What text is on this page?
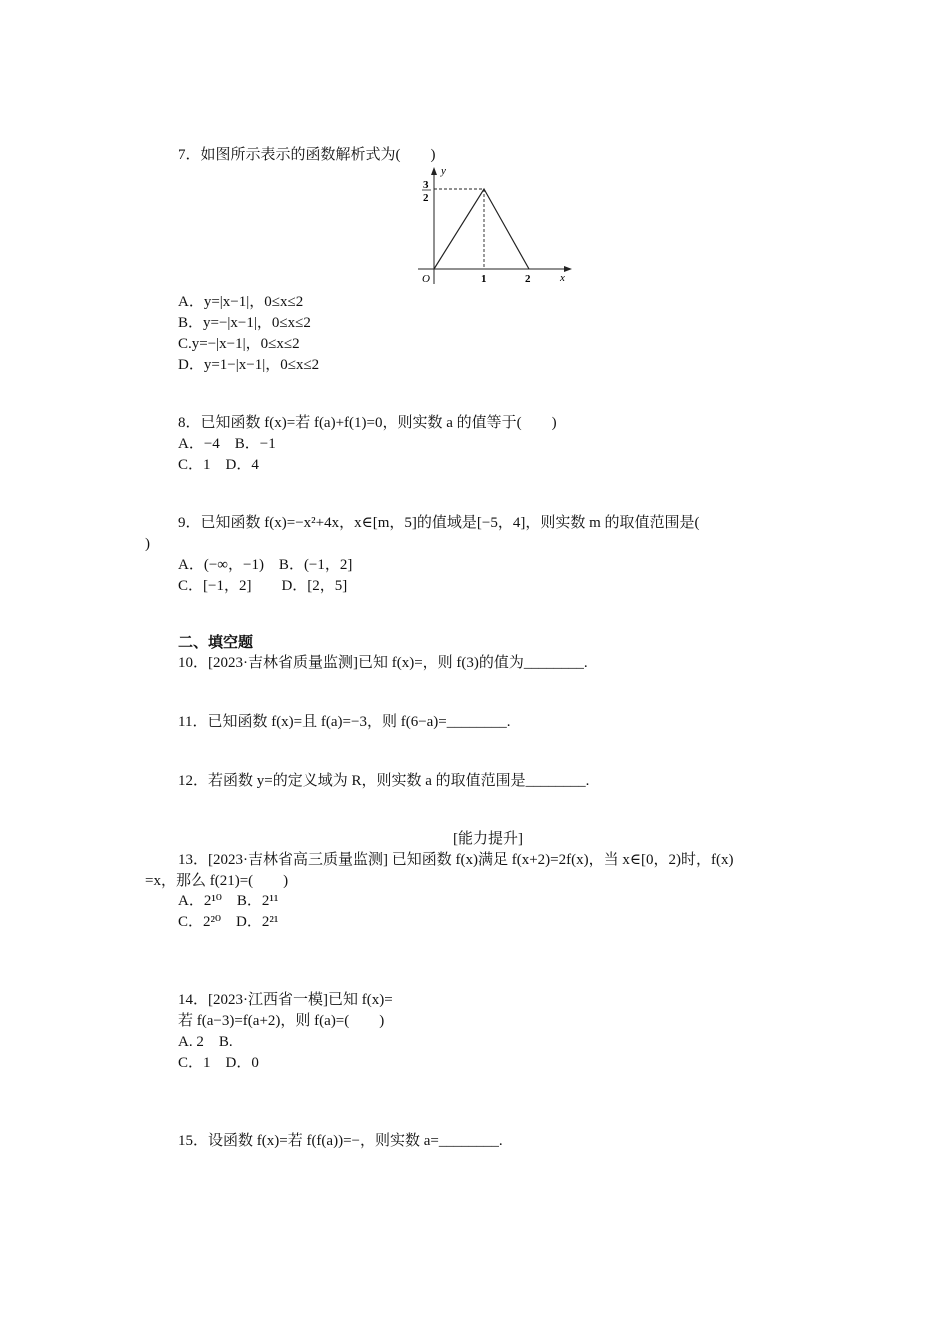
7．如图所示表示的函数解析式为(　　)
y
x
O
3
2
1	2
A．y=|x−1|，0≤x≤2
B．y=−|x−1|，0≤x≤2
C.y=−|x−1|，0≤x≤2
D．y=1−|x−1|，0≤x≤2
8．已知函数 f(x)=若 f(a)+f(1)=0，则实数 a 的值等于(　　)
A．−4　B．−1
C．1　D．4
9．已知函数 f(x)=−x²+4x，x∈[m，5]的值域是[−5，4]，则实数 m 的取值范围是(
)
A．(−∞，−1)　B．(−1，2]
C．[−1，2]　　D．[2，5]
二、填空题
10．[2023·吉林省质量监测]已知 f(x)=，则 f(3)的值为________.
11．已知函数 f(x)=且 f(a)=−3，则 f(6−a)=________.
12．若函数 y=的定义域为 R，则实数 a 的取值范围是________.
[能力提升]
13．[2023·吉林省高三质量监测] 已知函数 f(x)满足 f(x+2)=2f(x)，当 x∈[0，2)时，f(x)
=x，那么 f(21)=(　　)
A．2¹⁰　B．2¹¹
C．2²⁰　D．2²¹
14．[2023·江西省一模]已知 f(x)=
若 f(a−3)=f(a+2)，则 f(a)=(　　)
A. 2　B.
C．1　D．0
15．设函数 f(x)=若 f(f(a))=−，则实数 a=________.
